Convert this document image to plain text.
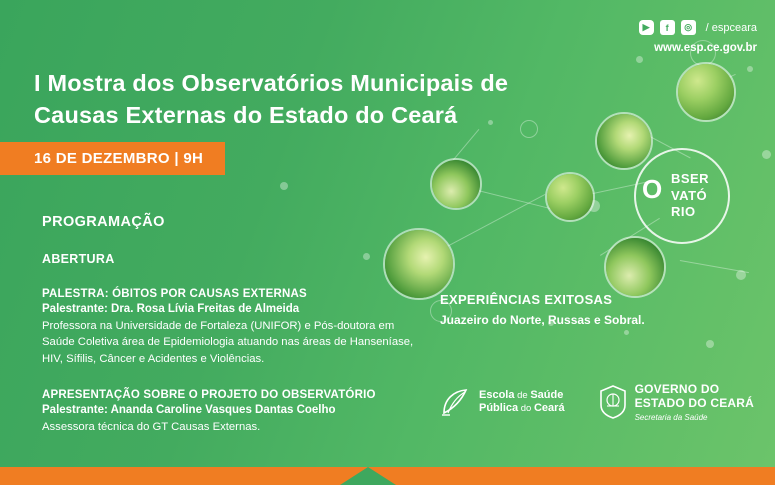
▶	f	◎	/ espceara
www.esp.ce.gov.br
I Mostra dos Observatórios Municipais de
Causas Externas do Estado do Ceará
16 DE DEZEMBRO | 9H
O BSER
VATÓ
RIO
PROGRAMAÇÃO
ABERTURA
PALESTRA: ÓBITOS POR CAUSAS EXTERNAS
Palestrante: Dra. Rosa Lívia Freitas de Almeida
Professora na Universidade de Fortaleza (UNIFOR) e Pós-doutora em Saúde Coletiva área de Epidemiologia atuando nas áreas de Hanseníase, HIV, Sífilis, Câncer e Acidentes e Violências.
APRESENTAÇÃO SOBRE O PROJETO DO OBSERVATÓRIO
Palestrante: Ananda Caroline Vasques Dantas Coelho
Assessora técnica do GT Causas Externas.
EXPERIÊNCIAS EXITOSAS
Juazeiro do Norte, Russas e Sobral.
Escola de Saúde
Pública do Ceará
GOVERNO DO
ESTADO DO CEARÁ
Secretaria da Saúde
